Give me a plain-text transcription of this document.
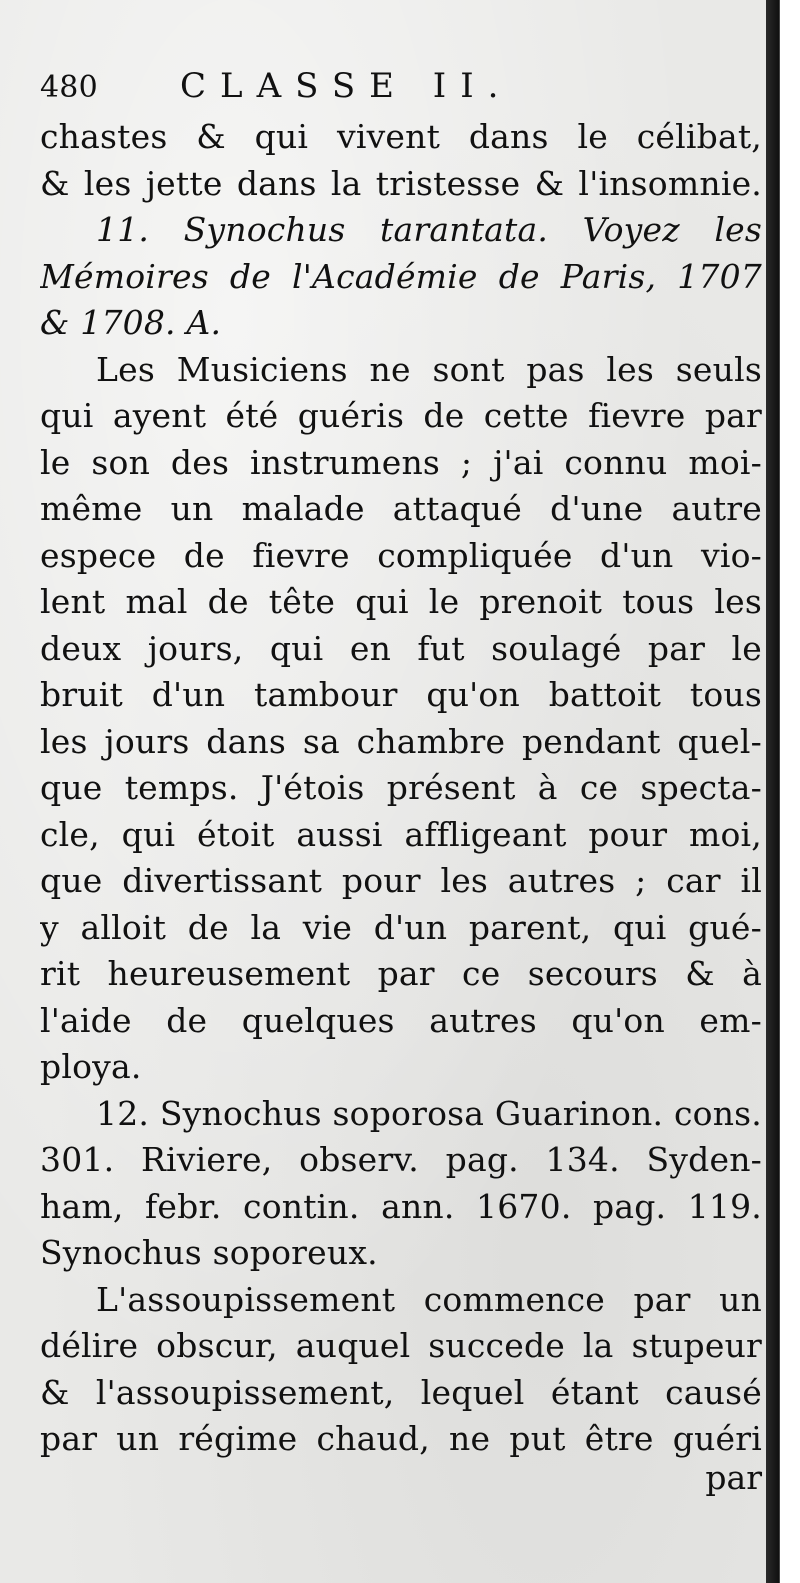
480	CLASSE II.
chastes & qui vivent dans le célibat,
& les jette dans la tristesse & l'insomnie.
11. Synochus tarantata. Voyez les
Mémoires de l'Académie de Paris, 1707
& 1708. A.
Les Musiciens ne sont pas les seuls
qui ayent été guéris de cette fievre par
le son des instrumens ; j'ai connu moi-
même un malade attaqué d'une autre
espece de fievre compliquée d'un vio-
lent mal de tête qui le prenoit tous les
deux jours, qui en fut soulagé par le
bruit d'un tambour qu'on battoit tous
les jours dans sa chambre pendant quel-
que temps. J'étois présent à ce specta-
cle, qui étoit aussi affligeant pour moi,
que divertissant pour les autres ; car il
y alloit de la vie d'un parent, qui gué-
rit heureusement par ce secours & à
l'aide de quelques autres qu'on em-
ploya.
12. Synochus soporosa Guarinon. cons.
301. Riviere, observ. pag. 134. Syden-
ham, febr. contin. ann. 1670. pag. 119.
Synochus soporeux.
L'assoupissement commence par un
délire obscur, auquel succede la stupeur
& l'assoupissement, lequel étant causé
par un régime chaud, ne put être guéri
par
